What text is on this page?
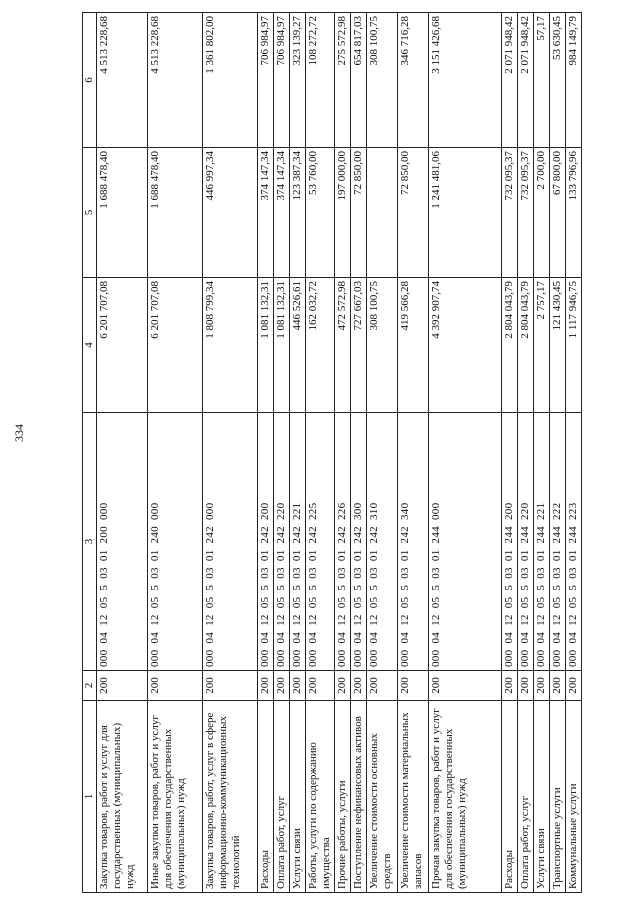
334
1	2	3	4	5	6
Закупка товаров, работ и услуг для государственных (муниципальных) нужд	200	000 04 12 05 5 03 01 200 000	6 201 707,08	1 688 478,40	4 513 228,68
Иные закупки товаров, работ и услуг для обеспечения государственных (муниципальных) нужд	200	000 04 12 05 5 03 01 240 000	6 201 707,08	1 688 478,40	4 513 228,68
Закупка товаров, работ, услуг в сфере информационно-коммуникационных технологий	200	000 04 12 05 5 03 01 242 000	1 808 799,34	446 997,34	1 361 802,00
Расходы	200	000 04 12 05 5 03 01 242 200	1 081 132,31	374 147,34	706 984,97
Оплата работ, услуг	200	000 04 12 05 5 03 01 242 220	1 081 132,31	374 147,34	706 984,97
Услуги связи	200	000 04 12 05 5 03 01 242 221	446 526,61	123 387,34	323 139,27
Работы, услуги по содержанию имущества	200	000 04 12 05 5 03 01 242 225	162 032,72	53 760,00	108 272,72
Прочие работы, услуги	200	000 04 12 05 5 03 01 242 226	472 572,98	197 000,00	275 572,98
Поступление нефинансовых активов	200	000 04 12 05 5 03 01 242 300	727 667,03	72 850,00	654 817,03
Увеличение стоимости основных средств	200	000 04 12 05 5 03 01 242 310	308 100,75		308 100,75
Увеличение стоимости материальных запасов	200	000 04 12 05 5 03 01 242 340	419 566,28	72 850,00	346 716,28
Прочая закупка товаров, работ и услуг для обеспечения государственных (муниципальных) нужд	200	000 04 12 05 5 03 01 244 000	4 392 907,74	1 241 481,06	3 151 426,68
Расходы	200	000 04 12 05 5 03 01 244 200	2 804 043,79	732 095,37	2 071 948,42
Оплата работ, услуг	200	000 04 12 05 5 03 01 244 220	2 804 043,79	732 095,37	2 071 948,42
Услуги связи	200	000 04 12 05 5 03 01 244 221	2 757,17	2 700,00	57,17
Транспортные услуги	200	000 04 12 05 5 03 01 244 222	121 430,45	67 800,00	53 630,45
Коммунальные услуги	200	000 04 12 05 5 03 01 244 223	1 117 946,75	133 796,96	984 149,79
